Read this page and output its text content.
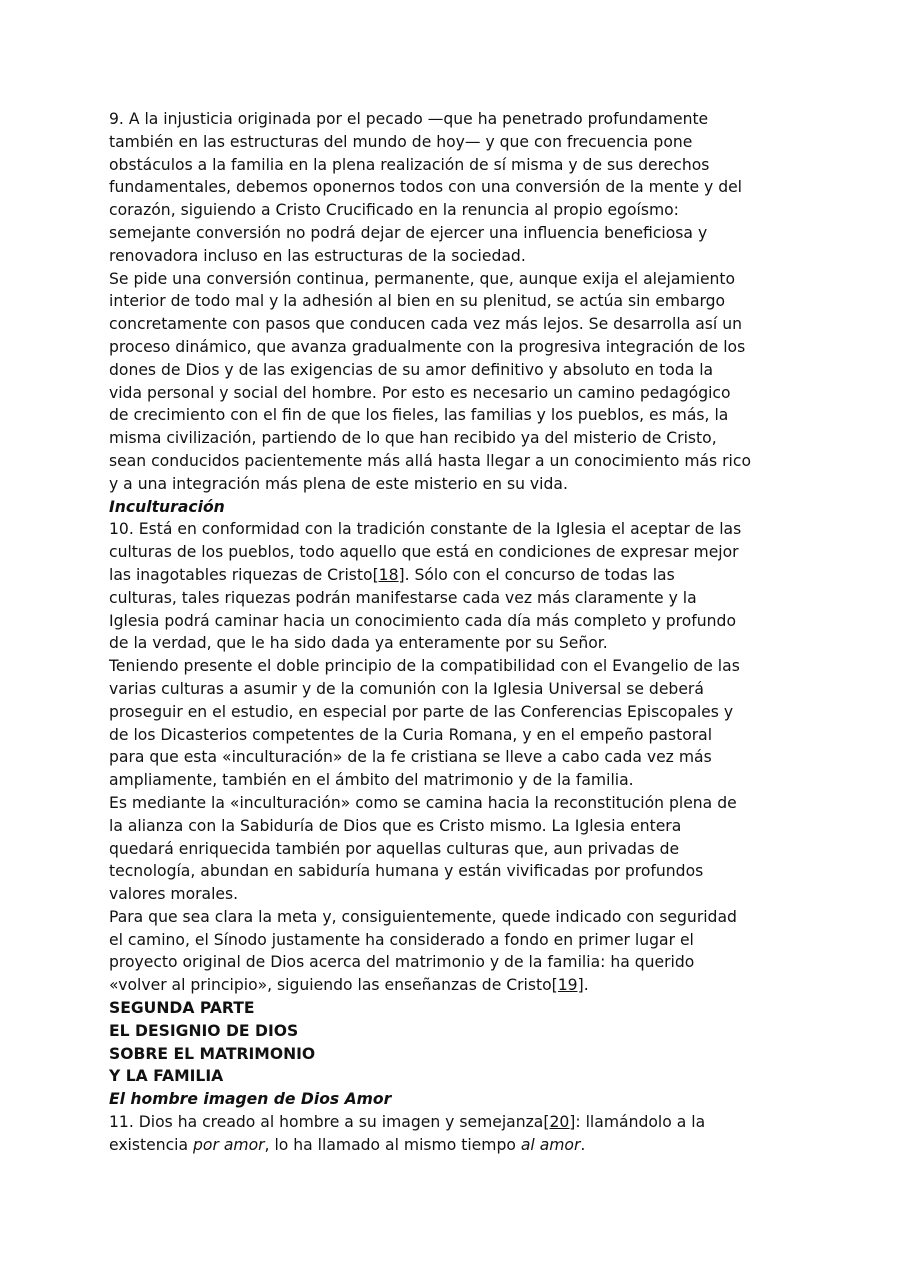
9. A la injusticia originada por el pecado —que ha penetrado profundamente
también en las estructuras del mundo de hoy— y que con frecuencia pone
obstáculos a la familia en la plena realización de sí misma y de sus derechos
fundamentales, debemos oponernos todos con una conversión de la mente y del
corazón, siguiendo a Cristo Crucificado en la renuncia al propio egoísmo:
semejante conversión no podrá dejar de ejercer una influencia beneficiosa y
renovadora incluso en las estructuras de la sociedad.
Se pide una conversión continua, permanente, que, aunque exija el alejamiento
interior de todo mal y la adhesión al bien en su plenitud, se actúa sin embargo
concretamente con pasos que conducen cada vez más lejos. Se desarrolla así un
proceso dinámico, que avanza gradualmente con la progresiva integración de los
dones de Dios y de las exigencias de su amor definitivo y absoluto en toda la
vida personal y social del hombre. Por esto es necesario un camino pedagógico
de crecimiento con el fin de que los fieles, las familias y los pueblos, es más, la
misma civilización, partiendo de lo que han recibido ya del misterio de Cristo,
sean conducidos pacientemente más allá hasta llegar a un conocimiento más rico
y a una integración más plena de este misterio en su vida.
Inculturación
10. Está en conformidad con la tradición constante de la Iglesia el aceptar de las
culturas de los pueblos, todo aquello que está en condiciones de expresar mejor
las inagotables riquezas de Cristo[18]. Sólo con el concurso de todas las
culturas, tales riquezas podrán manifestarse cada vez más claramente y la
Iglesia podrá caminar hacia un conocimiento cada día más completo y profundo
de la verdad, que le ha sido dada ya enteramente por su Señor.
Teniendo presente el doble principio de la compatibilidad con el Evangelio de las
varias culturas a asumir y de la comunión con la Iglesia Universal se deberá
proseguir en el estudio, en especial por parte de las Conferencias Episcopales y
de los Dicasterios competentes de la Curia Romana, y en el empeño pastoral
para que esta «inculturación» de la fe cristiana se lleve a cabo cada vez más
ampliamente, también en el ámbito del matrimonio y de la familia.
Es mediante la «inculturación» como se camina hacia la reconstitución plena de
la alianza con la Sabiduría de Dios que es Cristo mismo. La Iglesia entera
quedará enriquecida también por aquellas culturas que, aun privadas de
tecnología, abundan en sabiduría humana y están vivificadas por profundos
valores morales.
Para que sea clara la meta y, consiguientemente, quede indicado con seguridad
el camino, el Sínodo justamente ha considerado a fondo en primer lugar el
proyecto original de Dios acerca del matrimonio y de la familia: ha querido
«volver al principio», siguiendo las enseñanzas de Cristo[19].
SEGUNDA PARTE
EL DESIGNIO DE DIOS
SOBRE EL MATRIMONIO
Y LA FAMILIA
El hombre imagen de Dios Amor
11. Dios ha creado al hombre a su imagen y semejanza[20]: llamándolo a la
existencia por amor, lo ha llamado al mismo tiempo al amor.
